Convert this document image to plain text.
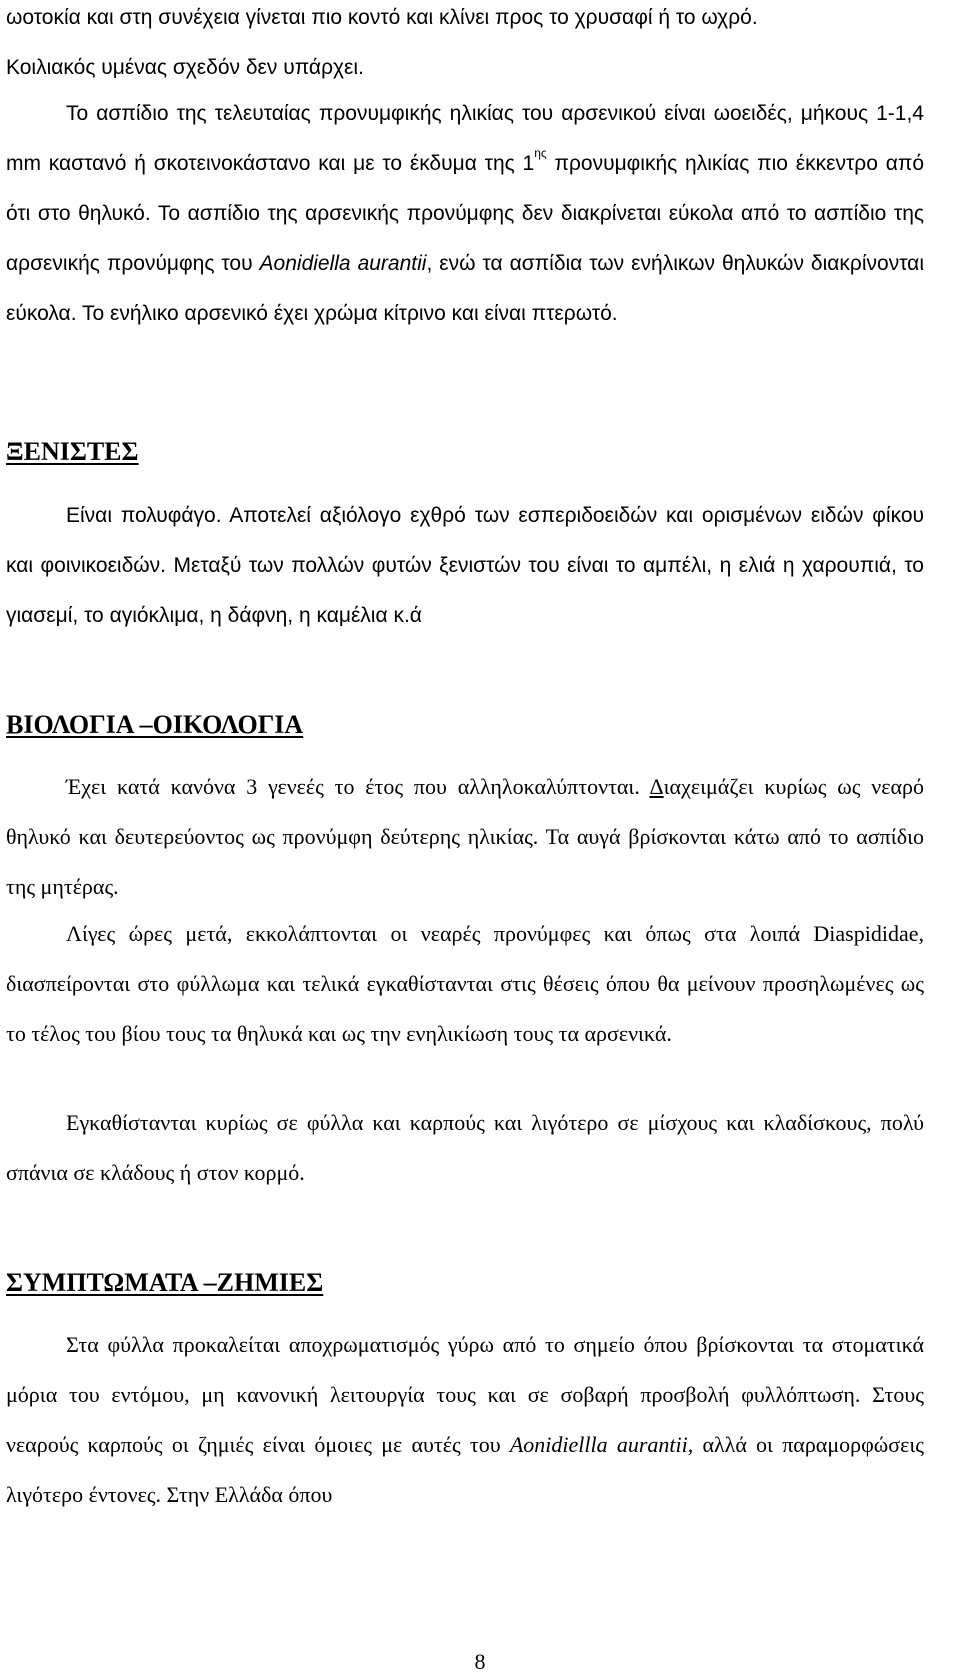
ωοτοκία και στη συνέχεια γίνεται πιο κοντό και κλίνει προς το χρυσαφί ή το ωχρό.
Κοιλιακός υμένας σχεδόν δεν υπάρχει.
Το ασπίδιο της τελευταίας προνυμφικής ηλικίας του αρσενικού είναι ωοειδές, μήκους 1-1,4 mm καστανό ή σκοτεινοκάστανο και με το έκδυμα της $1^{\eta\varsigma}$ προνυμφικής ηλικίας πιο έκκεντρο από ότι στο θηλυκό. Το ασπίδιο της αρσενικής προνύμφης δεν διακρίνεται εύκολα από το ασπίδιο της αρσενικής προνύμφης του Aonidiella aurantii, ενώ τα ασπίδια των ενήλικων θηλυκών διακρίνονται εύκολα. Το ενήλικο αρσενικό έχει χρώμα κίτρινο και είναι πτερωτό.
ΞΕΝΙΣΤΕΣ
Είναι πολυφάγο. Αποτελεί αξιόλογο εχθρό των εσπεριδοειδών και ορισμένων ειδών φίκου και φοινικοειδών. Μεταξύ των πολλών φυτών ξενιστών του είναι το αμπέλι, η ελιά η χαρουπιά, το γιασεμί, το αγιόκλιμα, η δάφνη, η καμέλια κ.ά
ΒΙΟΛΟΓΙΑ –ΟΙΚΟΛΟΓΙΑ
Έχει κατά κανόνα 3 γενεές το έτος που αλληλοκαλύπτονται. Διαχειμάζει κυρίως ως νεαρό θηλυκό και δευτερεύοντος ως προνύμφη δεύτερης ηλικίας. Τα αυγά βρίσκονται κάτω από το ασπίδιο της μητέρας.
Λίγες ώρες μετά, εκκολάπτονται οι νεαρές προνύμφες και όπως στα λοιπά Diaspididae, διασπείρονται στο φύλλωμα και τελικά εγκαθίστανται στις θέσεις όπου θα μείνουν προσηλωμένες ως το τέλος του βίου τους τα θηλυκά και ως την ενηλικίωση τους τα αρσενικά.
Εγκαθίστανται κυρίως σε φύλλα και καρπούς και λιγότερο σε μίσχους και κλαδίσκους, πολύ σπάνια σε κλάδους ή στον κορμό.
ΣΥΜΠΤΩΜΑΤΑ –ΖΗΜΙΕΣ
Στα φύλλα προκαλείται αποχρωματισμός γύρω από το σημείο όπου βρίσκονται τα στοματικά μόρια του εντόμου, μη κανονική λειτουργία τους και σε σοβαρή προσβολή φυλλόπτωση. Στους νεαρούς καρπούς οι ζημιές είναι όμοιες με αυτές του Aonidiellla aurantii, αλλά οι παραμορφώσεις λιγότερο έντονες. Στην Ελλάδα όπου
8
